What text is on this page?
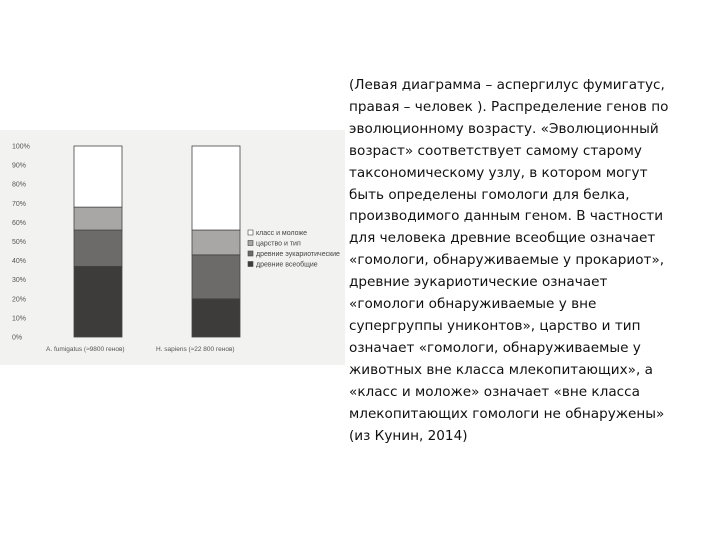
0%
10%
20%
30%
40%
50%
60%
70%
80%
90%
100%
A. fumigatus (≈9800 генов)	H. sapiens (≈22 800 генов)
класс и моложе
царство и тип
древние эукариотические
древние всеобщие
(Левая диаграмма – аспергилус фумигатус,
правая – человек ). Распределение генов по
эволюционному возрасту. «Эволюционный
возраст» соответствует самому старому
таксономическому узлу, в котором могут
быть определены гомологи для белка,
производимого данным геном. В частности
для человека древние всеобщие означает
«гомологи, обнаруживаемые у прокариот»,
древние эукариотические означает
«гомологи обнаруживаемые у вне
супергруппы униконтов», царство и тип
означает «гомологи, обнаруживаемые у
животных вне класса млекопитающих», а
«класс и моложе» означает «вне класса
млекопитающих гомологи не обнаружены»
(из Кунин, 2014)
